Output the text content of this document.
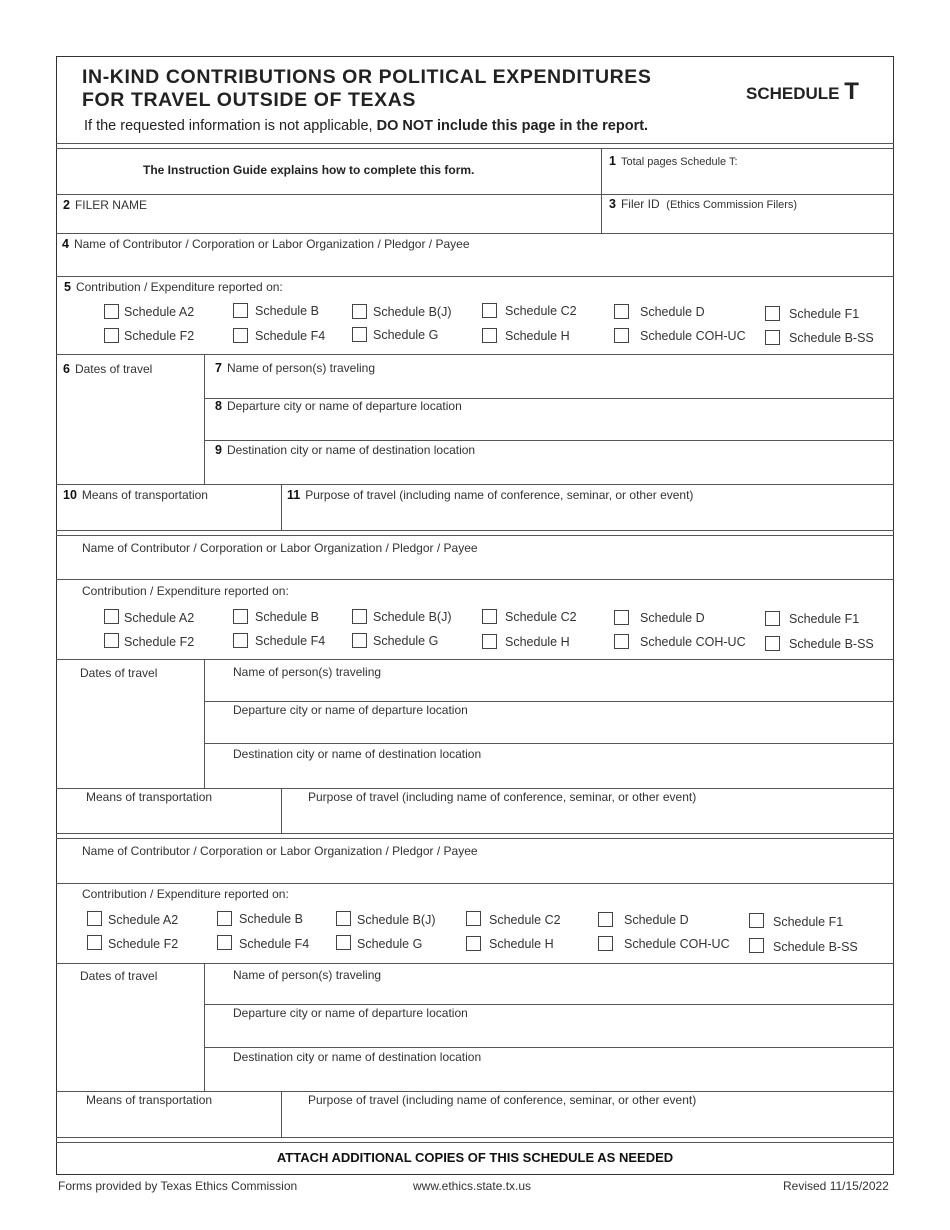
IN-KIND CONTRIBUTIONS OR POLITICAL EXPENDITURES
FOR TRAVEL OUTSIDE OF TEXAS	SCHEDULE T
If the requested information is not applicable, DO NOT include this page in the report.
The Instruction Guide explains how to complete this form.
1 Total pages Schedule T:
2 FILER NAME	3 Filer ID (Ethics Commission Filers)
4 Name of Contributor / Corporation or Labor Organization / Pledgor / Payee
5 Contribution / Expenditure reported on:
Schedule A2	Schedule B	Schedule B(J)	Schedule C2	Schedule D	Schedule F1
Schedule F2	Schedule F4	Schedule G	Schedule H	Schedule COH-UC	Schedule B-SS
6 Dates of travel	7 Name of person(s) traveling
8 Departure city or name of departure location
9 Destination city or name of destination location
10 Means of transportation	11 Purpose of travel (including name of conference, seminar, or other event)
Name of Contributor / Corporation or Labor Organization / Pledgor / Payee
Contribution / Expenditure reported on:
Schedule A2	Schedule B	Schedule B(J)	Schedule C2	Schedule D	Schedule F1
Schedule F2	Schedule F4	Schedule G	Schedule H	Schedule COH-UC	Schedule B-SS
Dates of travel	Name of person(s) traveling
Departure city or name of departure location
Destination city or name of destination location
Means of transportation	Purpose of travel (including name of conference, seminar, or other event)
Name of Contributor / Corporation or Labor Organization / Pledgor / Payee
Contribution / Expenditure reported on:
Schedule A2	Schedule B	Schedule B(J)	Schedule C2	Schedule D	Schedule F1
Schedule F2	Schedule F4	Schedule G	Schedule H	Schedule COH-UC	Schedule B-SS
Dates of travel	Name of person(s) traveling
Departure city or name of departure location
Destination city or name of destination location
Means of transportation	Purpose of travel (including name of conference, seminar, or other event)
ATTACH ADDITIONAL COPIES OF THIS SCHEDULE AS NEEDED
Forms provided by Texas Ethics Commission	www.ethics.state.tx.us	Revised 11/15/2022
